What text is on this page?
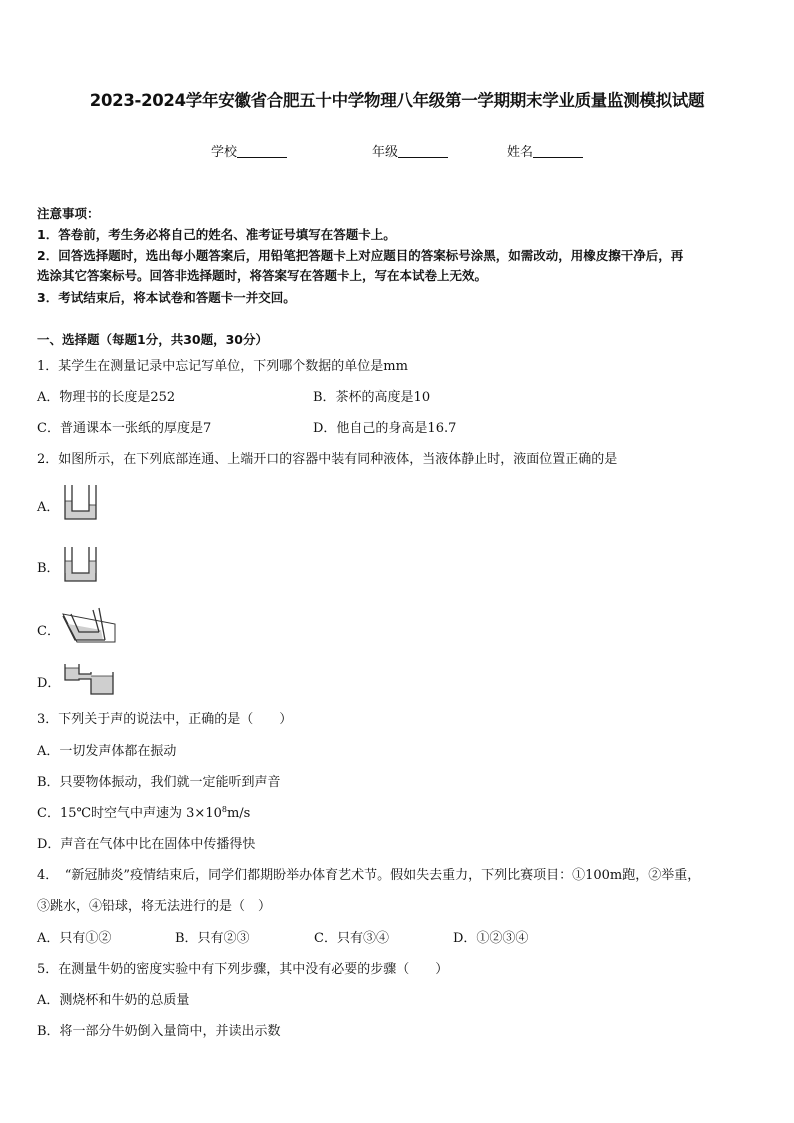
2023-2024学年安徽省合肥五十中学物理八年级第一学期期末学业质量监测模拟试题
学校	年级	姓名
注意事项：
1．答卷前，考生务必将自己的姓名、准考证号填写在答题卡上。
2．回答选择题时，选出每小题答案后，用铅笔把答题卡上对应题目的答案标号涂黑，如需改动，用橡皮擦干净后，再
选涂其它答案标号。回答非选择题时，将答案写在答题卡上，写在本试卷上无效。
3．考试结束后，将本试卷和答题卡一并交回。
一、选择题（每题1分，共30题，30分）
1．某学生在测量记录中忘记写单位，下列哪个数据的单位是mm
A．物理书的长度是252	B．茶杯的高度是10
C．普通课本一张纸的厚度是7	D．他自己的身高是16.7
2．如图所示，在下列底部连通、上端开口的容器中装有同种液体，当液体静止时，液面位置正确的是
A．
B．
C．
D．
3．下列关于声的说法中，正确的是（　　）
A．一切发声体都在振动
B．只要物体振动，我们就一定能听到声音
C．15℃时空气中声速为 $3\times 10^8m/s$
D．声音在气体中比在固体中传播得快
4．　“新冠肺炎”疫情结束后，同学们都期盼举办体育艺术节。假如失去重力，下列比赛项目：①100m跑，②举重，
③跳水，④铅球，将无法进行的是（　）
A．只有①②	B．只有②③	C．只有③④	D．①②③④
5．在测量牛奶的密度实验中有下列步骤，其中没有必要的步骤（　　）
A．测烧杯和牛奶的总质量
B．将一部分牛奶倒入量筒中，并读出示数
